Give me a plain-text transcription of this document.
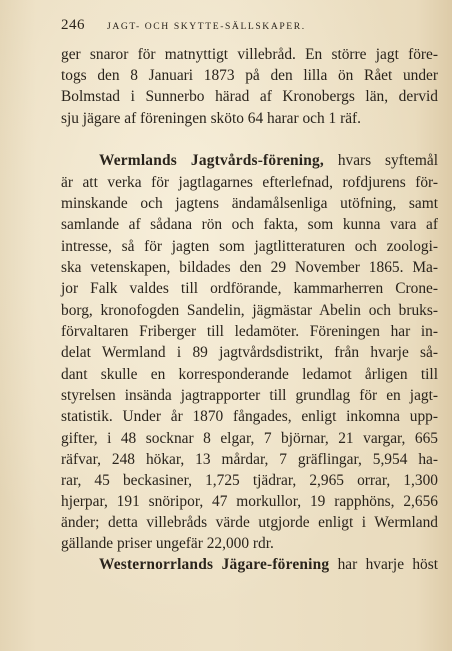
246	JAGT- OCH SKYTTE-SÄLLSKAPER.
ger snaror för matnyttigt villebråd. En större jagt före-
togs den 8 Januari 1873 på den lilla ön Rået under
Bolmstad i Sunnerbo härad af Kronobergs län, dervid
sju jägare af föreningen sköto 64 harar och 1 räf.
Wermlands Jagtvårds-förening, hvars syftemål
är att verka för jagtlagarnes efterlefnad, rofdjurens för-
minskande och jagtens ändamålsenliga utöfning, samt
samlande af sådana rön och fakta, som kunna vara af
intresse, så för jagten som jagtlitteraturen och zoologi-
ska vetenskapen, bildades den 29 November 1865. Ma-
jor Falk valdes till ordförande, kammarherren Crone-
borg, kronofogden Sandelin, jägmästar Abelin och bruks-
förvaltaren Friberger till ledamöter. Föreningen har in-
delat Wermland i 89 jagtvårdsdistrikt, från hvarje så-
dant skulle en korresponderande ledamot årligen till
styrelsen insända jagtrapporter till grundlag för en jagt-
statistik. Under år 1870 fångades, enligt inkomna upp-
gifter, i 48 socknar 8 elgar, 7 björnar, 21 vargar, 665
räfvar, 248 hökar, 13 mårdar, 7 gräflingar, 5,954 ha-
rar, 45 beckasiner, 1,725 tjädrar, 2,965 orrar, 1,300
hjerpar, 191 snöripor, 47 morkullor, 19 rapphöns, 2,656
änder; detta villebråds värde utgjorde enligt i Wermland
gällande priser ungefär 22,000 rdr.
Westernorrlands Jägare-förening har hvarje höst
